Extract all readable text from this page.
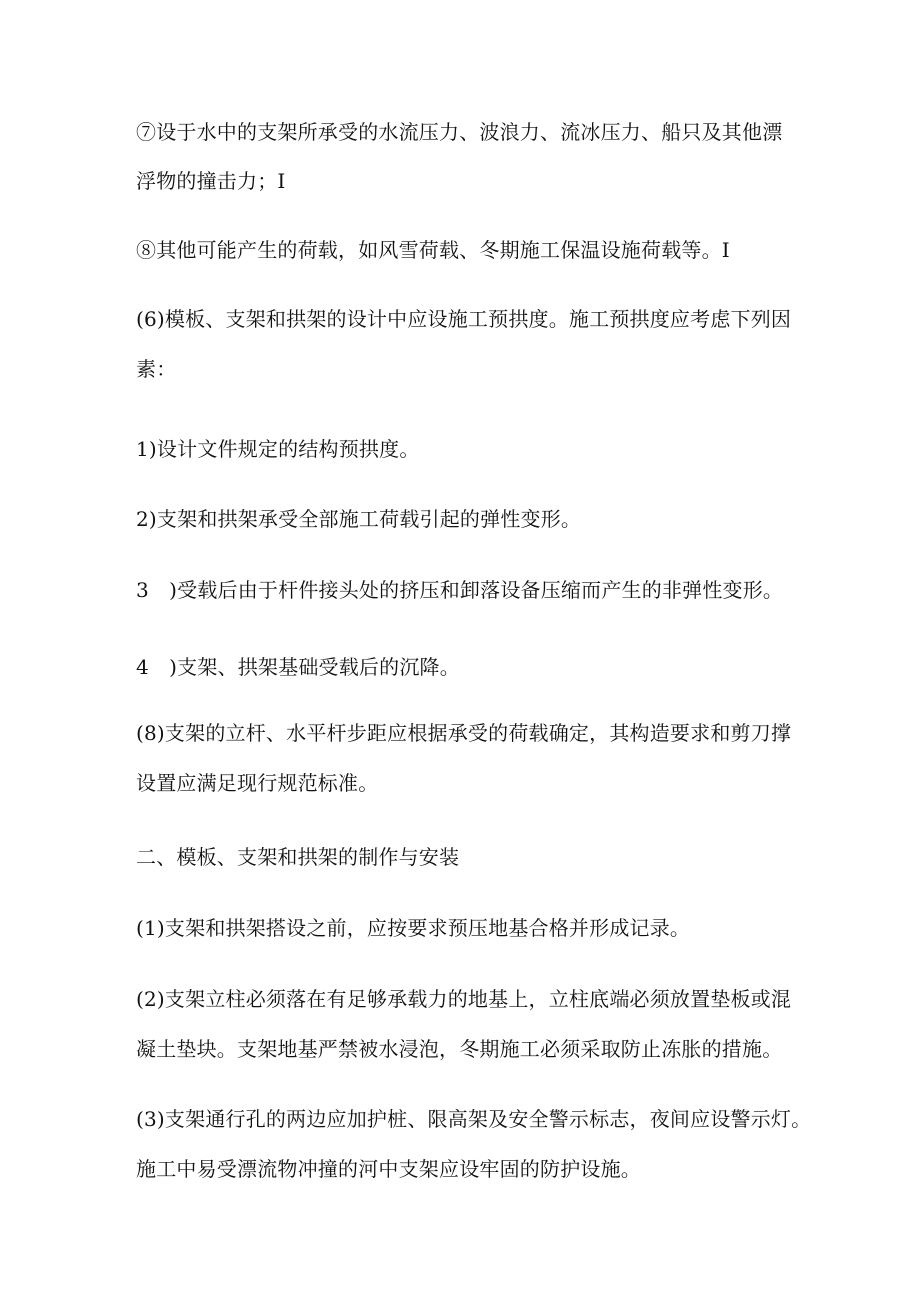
⑦设于水中的支架所承受的水流压力、波浪力、流冰压力、船只及其他漂
浮物的撞击力；I
⑧其他可能产生的荷载，如风雪荷载、冬期施工保温设施荷载等。I
(6)模板、支架和拱架的设计中应设施工预拱度。施工预拱度应考虑下列因
素：
1)设计文件规定的结构预拱度。
2)支架和拱架承受全部施工荷载引起的弹性变形。
3　)受载后由于杆件接头处的挤压和卸落设备压缩而产生的非弹性变形。
4　)支架、拱架基础受载后的沉降。
(8)支架的立杆、水平杆步距应根据承受的荷载确定，其构造要求和剪刀撑
设置应满足现行规范标准。
二、模板、支架和拱架的制作与安装
(1)支架和拱架搭设之前，应按要求预压地基合格并形成记录。
(2)支架立柱必须落在有足够承载力的地基上，立柱底端必须放置垫板或混
凝土垫块。支架地基严禁被水浸泡，冬期施工必须采取防止冻胀的措施。
(3)支架通行孔的两边应加护桩、限高架及安全警示标志，夜间应设警示灯。
施工中易受漂流物冲撞的河中支架应设牢固的防护设施。
